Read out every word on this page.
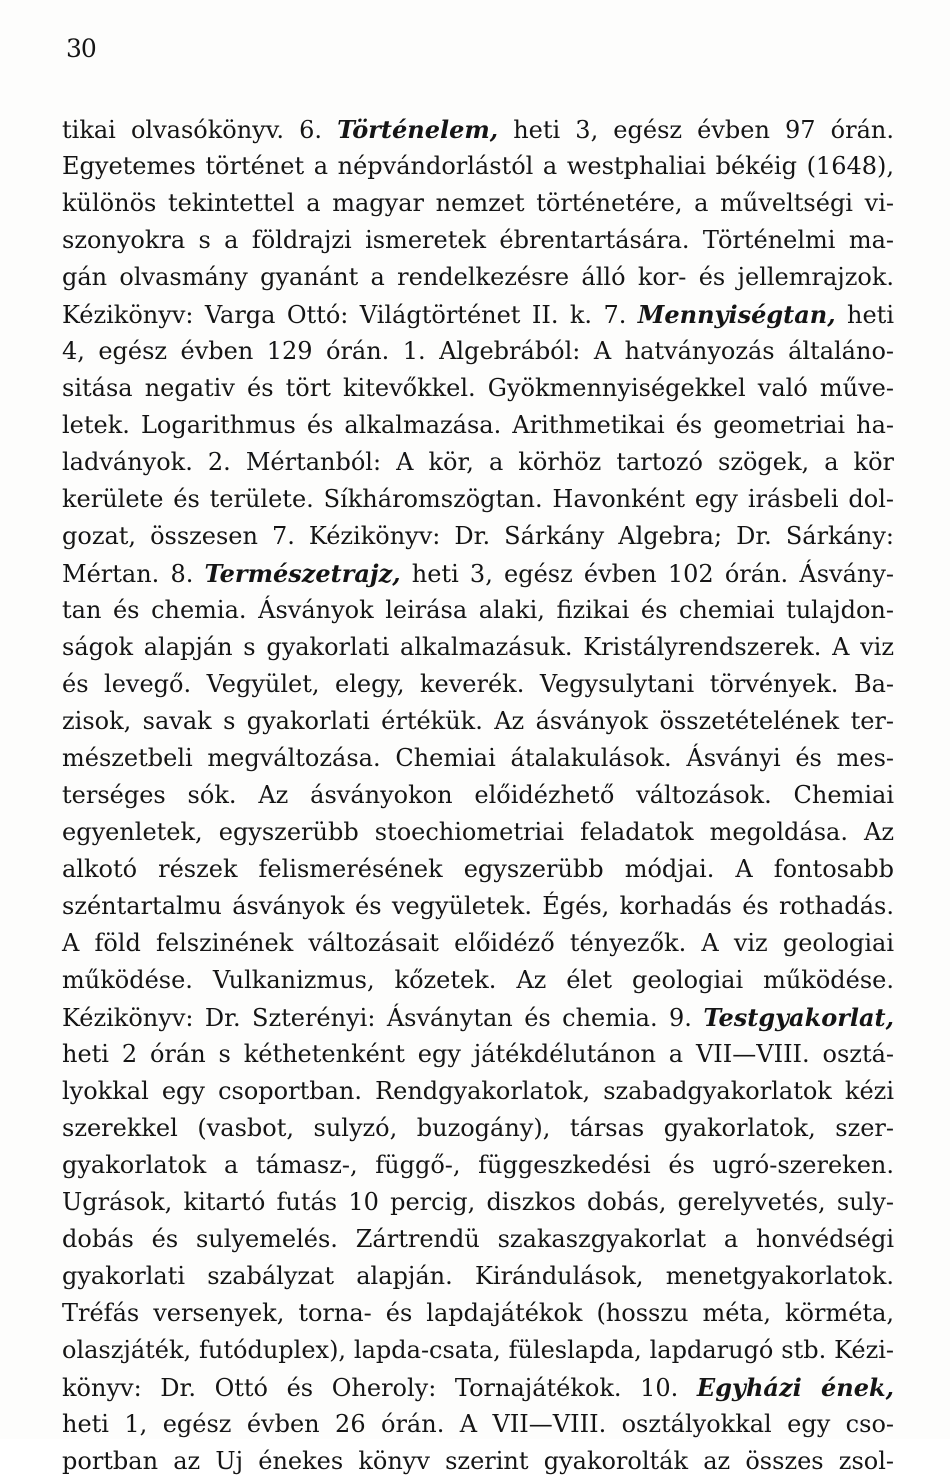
30
tikai olvasókönyv. 6. Történelem, heti 3, egész évben 97 órán.
Egyetemes történet a népvándorlástól a westphaliai békéig (1648),
különös tekintettel a magyar nemzet történetére, a műveltségi vi-
szonyokra s a földrajzi ismeretek ébrentartására. Történelmi ma-
gán olvasmány gyanánt a rendelkezésre álló kor- és jellemrajzok.
Kézikönyv: Varga Ottó: Világtörténet II. k. 7. Mennyiségtan, heti
4, egész évben 129 órán. 1. Algebrából: A hatványozás általáno-
sitása negativ és tört kitevőkkel. Gyökmennyiségekkel való műve-
letek. Logarithmus és alkalmazása. Arithmetikai és geometriai ha-
ladványok. 2. Mértanból: A kör, a körhöz tartozó szögek, a kör
kerülete és területe. Síkháromszögtan. Havonként egy irásbeli dol-
gozat, összesen 7. Kézikönyv: Dr. Sárkány Algebra; Dr. Sárkány:
Mértan. 8. Természetrajz, heti 3, egész évben 102 órán. Ásvány-
tan és chemia. Ásványok leirása alaki, fizikai és chemiai tulajdon-
ságok alapján s gyakorlati alkalmazásuk. Kristályrendszerek. A viz
és levegő. Vegyület, elegy, keverék. Vegysulytani törvények. Ba-
zisok, savak s gyakorlati értékük. Az ásványok összetételének ter-
mészetbeli megváltozása. Chemiai átalakulások. Ásványi és mes-
terséges sók. Az ásványokon előidézhető változások. Chemiai
egyenletek, egyszerübb stoechiometriai feladatok megoldása. Az
alkotó részek felismerésének egyszerübb módjai. A fontosabb
széntartalmu ásványok és vegyületek. Égés, korhadás és rothadás.
A föld felszinének változásait előidéző tényezők. A viz geologiai
működése. Vulkanizmus, kőzetek. Az élet geologiai működése.
Kézikönyv: Dr. Szterényi: Ásványtan és chemia. 9. Testgyakorlat,
heti 2 órán s kéthetenként egy játékdélutánon a VII—VIII. osztá-
lyokkal egy csoportban. Rendgyakorlatok, szabadgyakorlatok kézi
szerekkel (vasbot, sulyzó, buzogány), társas gyakorlatok, szer-
gyakorlatok a támasz-, függő-, függeszkedési és ugró-szereken.
Ugrások, kitartó futás 10 percig, diszkos dobás, gerelyvetés, suly-
dobás és sulyemelés. Zártrendü szakaszgyakorlat a honvédségi
gyakorlati szabályzat alapján. Kirándulások, menetgyakorlatok.
Tréfás versenyek, torna- és lapdajátékok (hosszu méta, körméta,
olaszjáték, futóduplex), lapda-csata, füleslapda, lapdarugó stb. Kézi-
könyv: Dr. Ottó és Oheroly: Tornajátékok. 10. Egyházi ének,
heti 1, egész évben 26 órán. A VII—VIII. osztályokkal egy cso-
portban az Uj énekes könyv szerint gyakorolták az összes zsol-
